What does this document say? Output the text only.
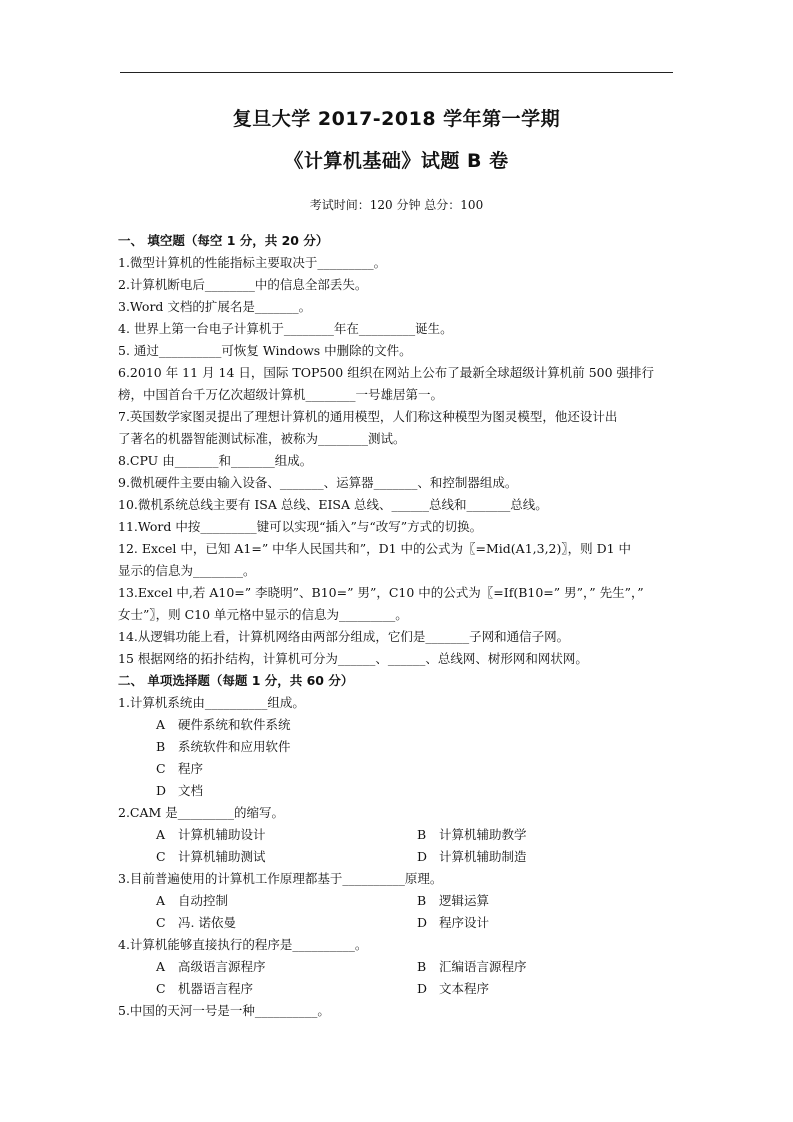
复旦大学 2017-2018 学年第一学期
《计算机基础》试题 B 卷
考试时间：120 分钟 总分：100
一、 填空题（每空 1 分，共 20 分）
1.微型计算机的性能指标主要取决于_________。
2.计算机断电后________中的信息全部丢失。
3.Word 文档的扩展名是_______。
4. 世界上第一台电子计算机于________年在_________诞生。
5. 通过__________可恢复 Windows 中删除的文件。
6.2010 年 11 月 14 日，国际 TOP500 组织在网站上公布了最新全球超级计算机前 500 强排行
榜，中国首台千万亿次超级计算机________一号雄居第一。
7.英国数学家图灵提出了理想计算机的通用模型，人们称这种模型为图灵模型，他还设计出
了著名的机器智能测试标准，被称为________测试。
8.CPU 由_______和_______组成。
9.微机硬件主要由输入设备、_______、运算器_______、和控制器组成。
10.微机系统总线主要有 ISA 总线、EISA 总线、______总线和_______总线。
11.Word 中按_________键可以实现“插入”与“改写”方式的切换。
12. Excel 中，已知 A1=” 中华人民国共和”，D1 中的公式为〖=Mid(A1,3,2)〗，则 D1 中
显示的信息为________。
13.Excel 中,若 A10=” 李晓明”、B10=” 男”，C10 中的公式为〖=If(B10=” 男”，” 先生”，”
女士”〗，则 C10 单元格中显示的信息为_________。
14.从逻辑功能上看，计算机网络由两部分组成，它们是_______子网和通信子网。
15 根据网络的拓扑结构，计算机可分为______、______、总线网、树形网和网状网。
二、 单项选择题（每题 1 分，共 60 分）
1.计算机系统由__________组成。
A 硬件系统和软件系统
B 系统软件和应用软件
C 程序
D 文档
2.CAM 是_________的缩写。
A 计算机辅助设计	B 计算机辅助教学
C 计算机辅助测试	D 计算机辅助制造
3.目前普遍使用的计算机工作原理都基于__________原理。
A 自动控制	B 逻辑运算
C 冯. 诺依曼	D 程序设计
4.计算机能够直接执行的程序是__________。
A 高级语言源程序	B 汇编语言源程序
C 机器语言程序	D 文本程序
5.中国的天河一号是一种__________。
